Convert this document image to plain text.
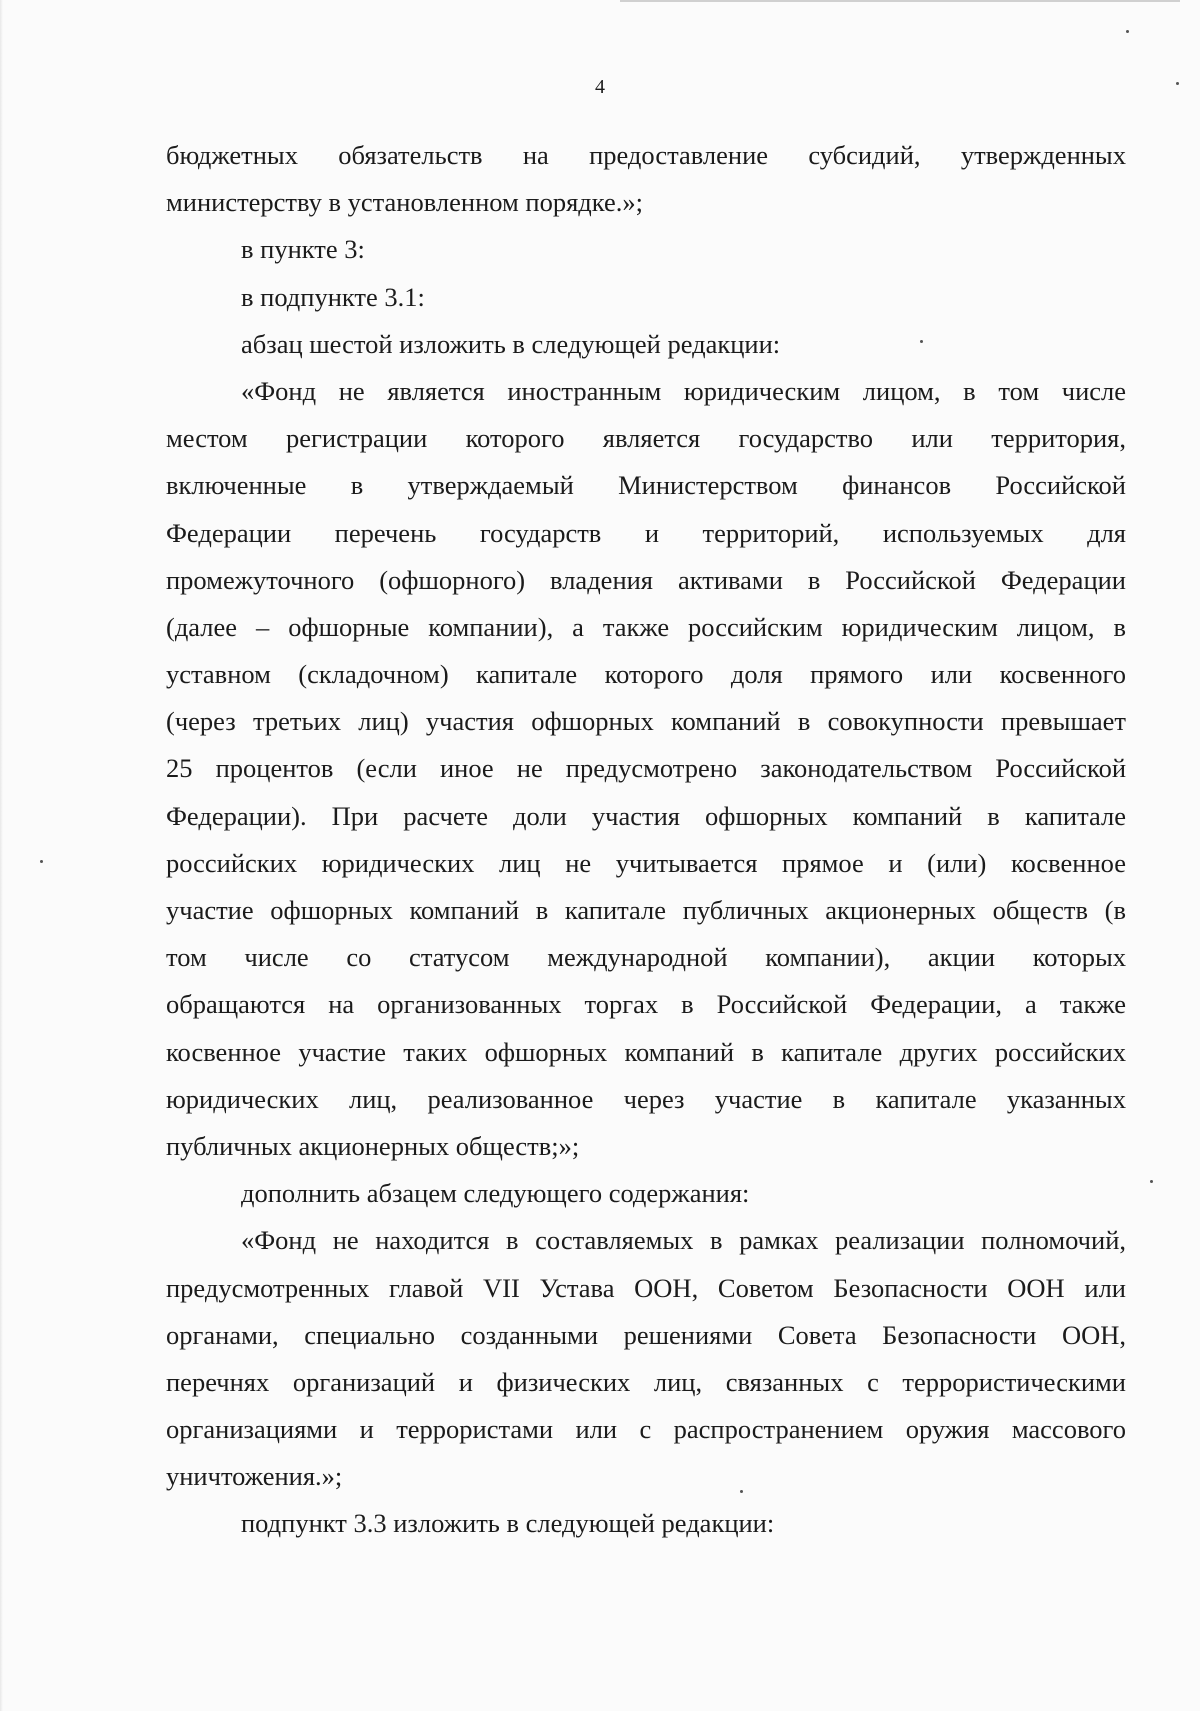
4
бюджетных обязательств на предоставление субсидий, утвержденных
министерству в установленном порядке.»;
в пункте 3:
в подпункте 3.1:
абзац шестой изложить в следующей редакции:
«Фонд не является иностранным юридическим лицом, в том числе
местом регистрации которого является государство или территория,
включенные в утверждаемый Министерством финансов Российской
Федерации перечень государств и территорий, используемых для
промежуточного (офшорного) владения активами в Российской Федерации
(далее – офшорные компании), а также российским юридическим лицом, в
уставном (складочном) капитале которого доля прямого или косвенного
(через третьих лиц) участия офшорных компаний в совокупности превышает
25 процентов (если иное не предусмотрено законодательством Российской
Федерации). При расчете доли участия офшорных компаний в капитале
российских юридических лиц не учитывается прямое и (или) косвенное
участие офшорных компаний в капитале публичных акционерных обществ (в
том числе со статусом международной компании), акции которых
обращаются на организованных торгах в Российской Федерации, а также
косвенное участие таких офшорных компаний в капитале других российских
юридических лиц, реализованное через участие в капитале указанных
публичных акционерных обществ;»;
дополнить абзацем следующего содержания:
«Фонд не находится в составляемых в рамках реализации полномочий,
предусмотренных главой VII Устава ООН, Советом Безопасности ООН или
органами, специально созданными решениями Совета Безопасности ООН,
перечнях организаций и физических лиц, связанных с террористическими
организациями и террористами или с распространением оружия массового
уничтожения.»;
подпункт 3.3 изложить в следующей редакции:
